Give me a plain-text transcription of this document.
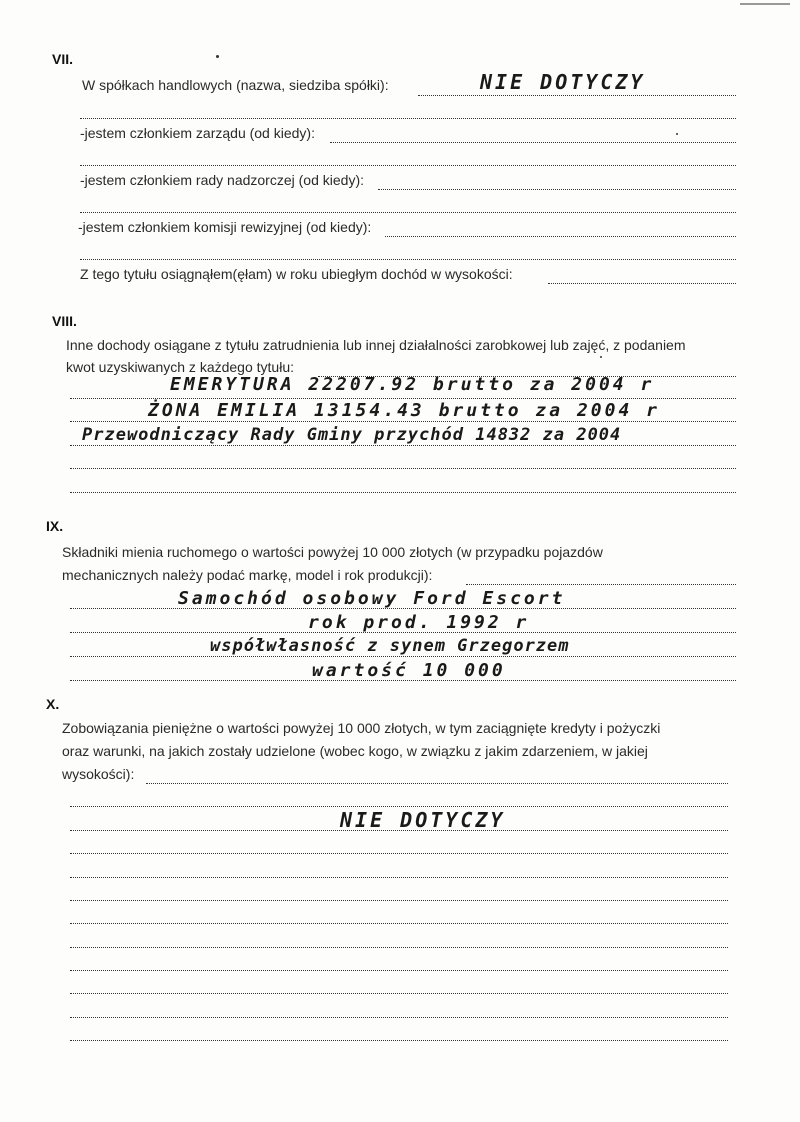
VII.
W spółkach handlowych (nazwa, siedziba spółki):	NIE DOTYCZY
-jestem członkiem zarządu (od kiedy):
-jestem członkiem rady nadzorczej (od kiedy):
-jestem członkiem komisji rewizyjnej (od kiedy):
Z tego tytułu osiągnąłem(ęłam) w roku ubiegłym dochód w wysokości:
VIII.
Inne dochody osiągane z tytułu zatrudnienia lub innej działalności zarobkowej lub zajęć, z podaniem
kwot uzyskiwanych z każdego tytułu:
EMERYTURA 22207.92 brutto za 2004 r
ŻONA EMILIA 13154.43 brutto za 2004 r
Przewodniczący Rady Gminy przychód 14832 za 2004
IX.
Składniki mienia ruchomego o wartości powyżej 10 000 złotych (w przypadku pojazdów
mechanicznych należy podać markę, model i rok produkcji):
Samochód osobowy Ford Escort
rok prod. 1992 r
współwłasność z synem Grzegorzem
wartość 10 000
X.
Zobowiązania pieniężne o wartości powyżej 10 000 złotych, w tym zaciągnięte kredyty i pożyczki
oraz warunki, na jakich zostały udzielone (wobec kogo, w związku z jakim zdarzeniem, w jakiej
wysokości):
NIE DOTYCZY
